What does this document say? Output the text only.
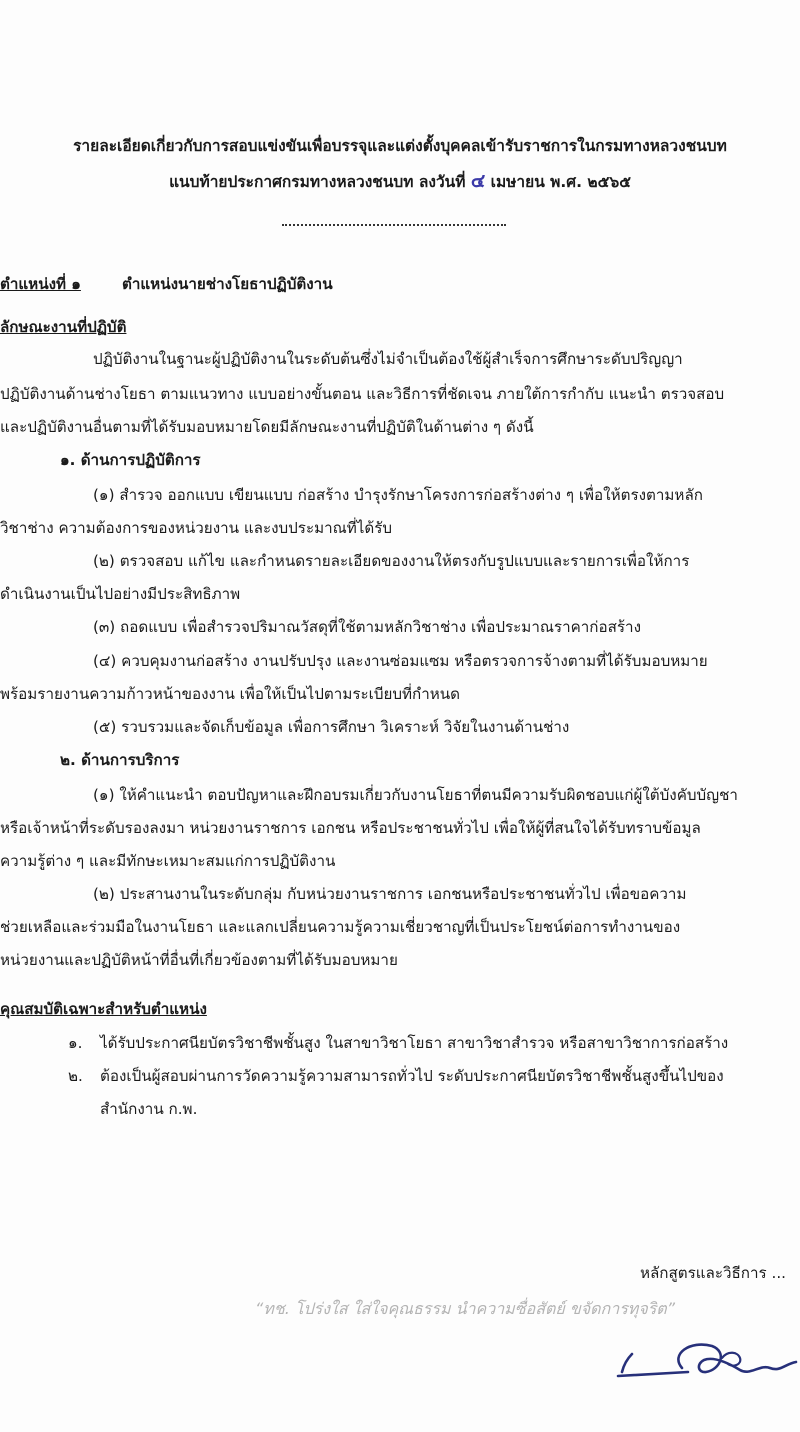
รายละเอียดเกี่ยวกับการสอบแข่งขันเพื่อบรรจุและแต่งตั้งบุคคลเข้ารับราชการในกรมทางหลวงชนบท

แนบท้ายประกาศกรมทางหลวงชนบท ลงวันที่ ๔ เมษายน พ.ศ. ๒๕๖๕

ตำแหน่งที่ ๑	ตำแหน่งนายช่างโยธาปฏิบัติงาน

ลักษณะงานที่ปฏิบัติ

ปฏิบัติงานในฐานะผู้ปฏิบัติงานในระดับต้นซึ่งไม่จำเป็นต้องใช้ผู้สำเร็จการศึกษาระดับปริญญา

ปฏิบัติงานด้านช่างโยธา ตามแนวทาง แบบอย่างขั้นตอน และวิธีการที่ชัดเจน ภายใต้การกำกับ แนะนำ ตรวจสอบ

และปฏิบัติงานอื่นตามที่ได้รับมอบหมายโดยมีลักษณะงานที่ปฏิบัติในด้านต่าง ๆ ดังนี้

๑. ด้านการปฏิบัติการ

(๑) สำรวจ ออกแบบ เขียนแบบ ก่อสร้าง บำรุงรักษาโครงการก่อสร้างต่าง ๆ เพื่อให้ตรงตามหลัก

วิชาช่าง ความต้องการของหน่วยงาน และงบประมาณที่ได้รับ

(๒) ตรวจสอบ แก้ไข และกำหนดรายละเอียดของงานให้ตรงกับรูปแบบและรายการเพื่อให้การ

ดำเนินงานเป็นไปอย่างมีประสิทธิภาพ

(๓) ถอดแบบ เพื่อสำรวจปริมาณวัสดุที่ใช้ตามหลักวิชาช่าง เพื่อประมาณราคาก่อสร้าง

(๔) ควบคุมงานก่อสร้าง งานปรับปรุง และงานซ่อมแซม หรือตรวจการจ้างตามที่ได้รับมอบหมาย

พร้อมรายงานความก้าวหน้าของงาน เพื่อให้เป็นไปตามระเบียบที่กำหนด

(๕) รวบรวมและจัดเก็บข้อมูล เพื่อการศึกษา วิเคราะห์ วิจัยในงานด้านช่าง

๒. ด้านการบริการ

(๑) ให้คำแนะนำ ตอบปัญหาและฝึกอบรมเกี่ยวกับงานโยธาที่ตนมีความรับผิดชอบแก่ผู้ใต้บังคับบัญชา

หรือเจ้าหน้าที่ระดับรองลงมา หน่วยงานราชการ เอกชน หรือประชาชนทั่วไป เพื่อให้ผู้ที่สนใจได้รับทราบข้อมูล

ความรู้ต่าง ๆ และมีทักษะเหมาะสมแก่การปฏิบัติงาน

(๒) ประสานงานในระดับกลุ่ม กับหน่วยงานราชการ เอกชนหรือประชาชนทั่วไป เพื่อขอความ

ช่วยเหลือและร่วมมือในงานโยธา และแลกเปลี่ยนความรู้ความเชี่ยวชาญที่เป็นประโยชน์ต่อการทำงานของ

หน่วยงานและปฏิบัติหน้าที่อื่นที่เกี่ยวข้องตามที่ได้รับมอบหมาย

คุณสมบัติเฉพาะสำหรับตำแหน่ง

๑. ได้รับประกาศนียบัตรวิชาชีพชั้นสูง ในสาขาวิชาโยธา สาขาวิชาสำรวจ หรือสาขาวิชาการก่อสร้าง

๒. ต้องเป็นผู้สอบผ่านการวัดความรู้ความสามารถทั่วไป ระดับประกาศนียบัตรวิชาชีพชั้นสูงขึ้นไปของ

สำนักงาน ก.พ.

หลักสูตรและวิธีการ ...

“ทช. โปร่งใส ใส่ใจคุณธรรม นำความซื่อสัตย์ ขจัดการทุจริต”
